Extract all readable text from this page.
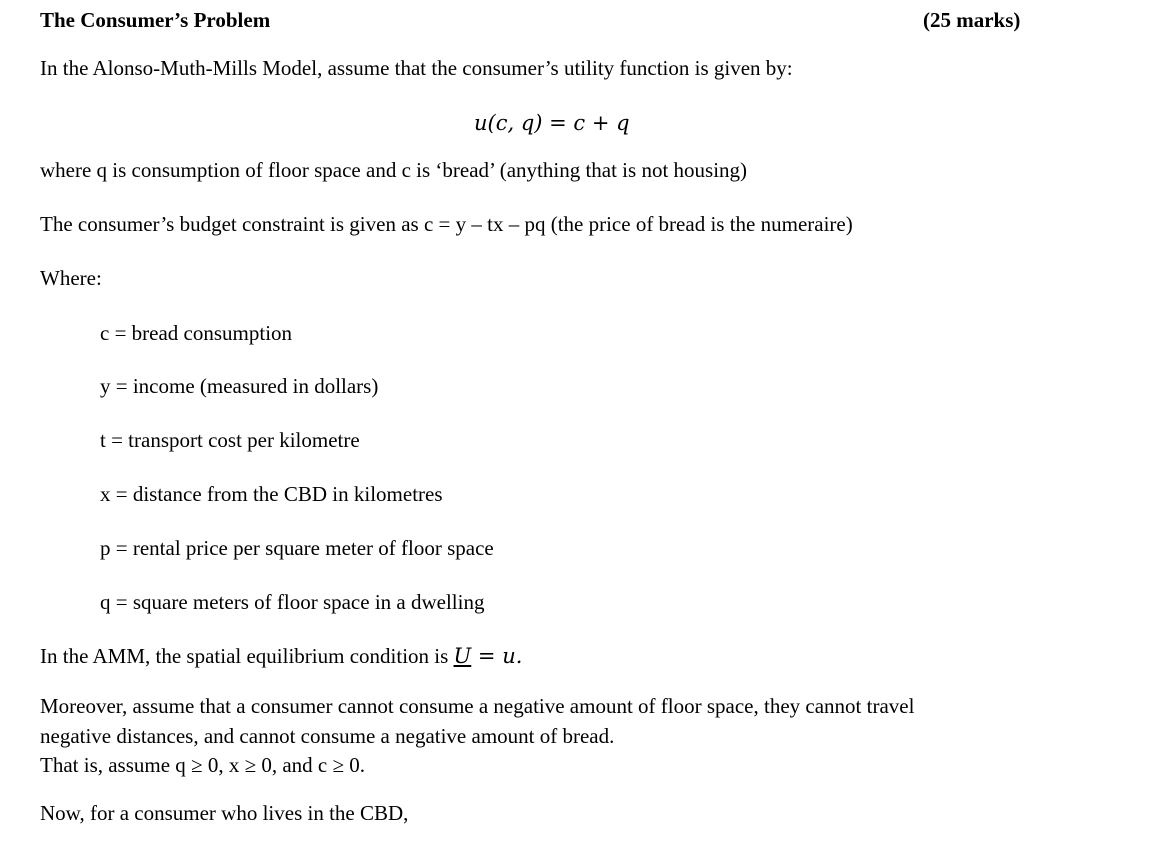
The Consumer’s Problem	(25 marks)
In the Alonso-Muth-Mills Model, assume that the consumer’s utility function is given by:
u(c, q) = c + q
where q is consumption of floor space and c is ‘bread’ (anything that is not housing)
The consumer’s budget constraint is given as c = y – tx – pq (the price of bread is the numeraire)
Where:
c = bread consumption
y = income (measured in dollars)
t = transport cost per kilometre
x = distance from the CBD in kilometres
p = rental price per square meter of floor space
q = square meters of floor space in a dwelling
In the AMM, the spatial equilibrium condition is U = u.
Moreover, assume that a consumer cannot consume a negative amount of floor space, they cannot travel
negative distances, and cannot consume a negative amount of bread.
That is, assume q ≥ 0, x ≥ 0, and c ≥ 0.
Now, for a consumer who lives in the CBD,
